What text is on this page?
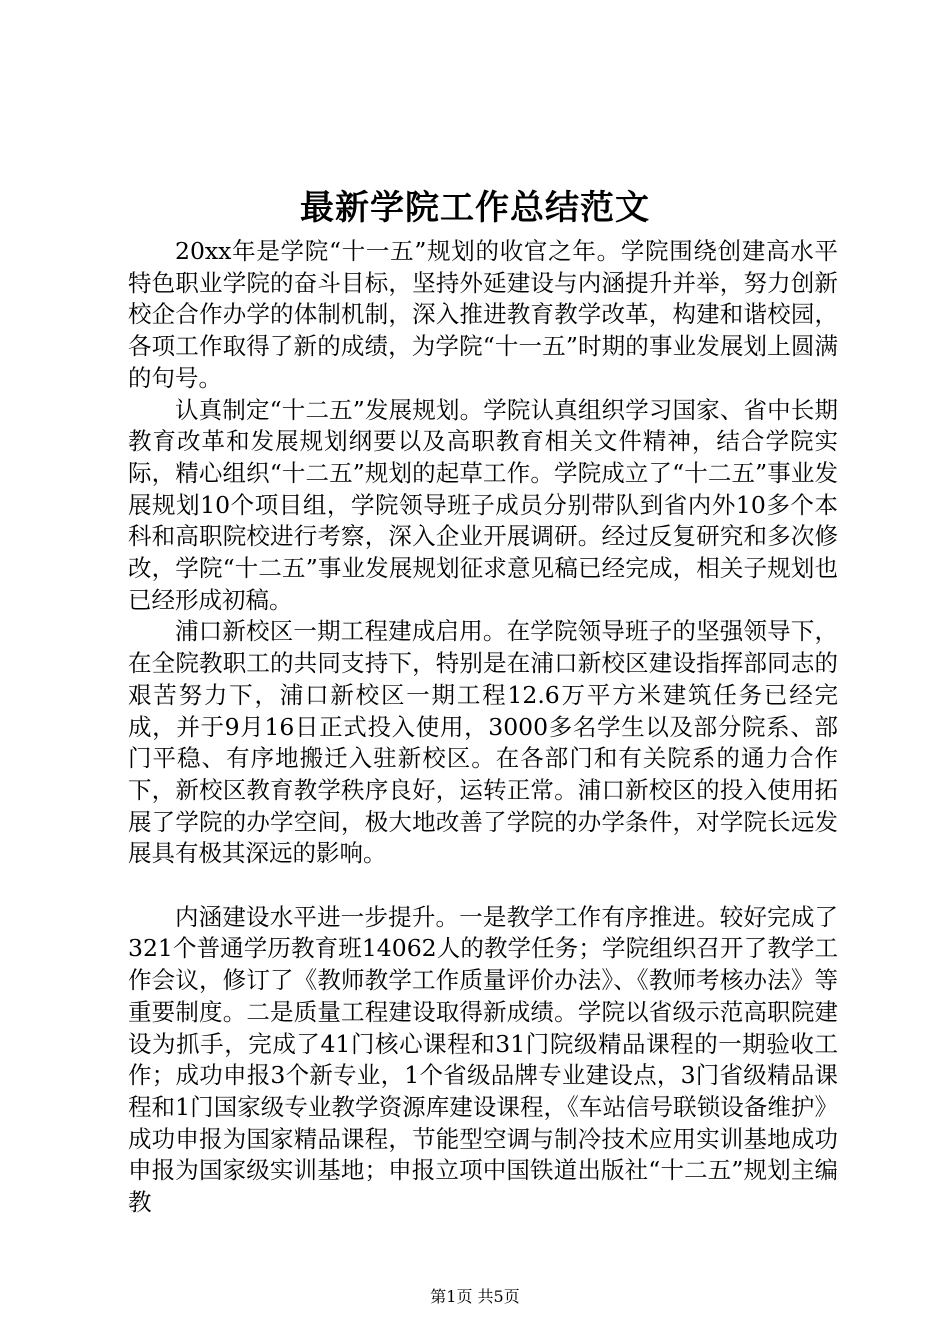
最新学院工作总结范文

20xx年是学院“十一五”规划的收官之年。学院围绕创建高水平特色职业学院的奋斗目标，坚持外延建设与内涵提升并举，努力创新校企合作办学的体制机制，深入推进教育教学改革，构建和谐校园，各项工作取得了新的成绩，为学院“十一五”时期的事业发展划上圆满的句号。

认真制定“十二五”发展规划。学院认真组织学习国家、省中长期教育改革和发展规划纲要以及高职教育相关文件精神，结合学院实际，精心组织“十二五”规划的起草工作。学院成立了“十二五”事业发展规划10个项目组，学院领导班子成员分别带队到省内外10多个本科和高职院校进行考察，深入企业开展调研。经过反复研究和多次修改，学院“十二五”事业发展规划征求意见稿已经完成，相关子规划也已经形成初稿。

浦口新校区一期工程建成启用。在学院领导班子的坚强领导下，在全院教职工的共同支持下，特别是在浦口新校区建设指挥部同志的艰苦努力下，浦口新校区一期工程12.6万平方米建筑任务已经完成，并于9月16日正式投入使用，3000多名学生以及部分院系、部门平稳、有序地搬迁入驻新校区。在各部门和有关院系的通力合作下，新校区教育教学秩序良好，运转正常。浦口新校区的投入使用拓展了学院的办学空间，极大地改善了学院的办学条件，对学院长远发展具有极其深远的影响。

内涵建设水平进一步提升。一是教学工作有序推进。较好完成了321个普通学历教育班14062人的教学任务；学院组织召开了教学工作会议，修订了《教师教学工作质量评价办法》、《教师考核办法》等重要制度。二是质量工程建设取得新成绩。学院以省级示范高职院建设为抓手，完成了41门核心课程和31门院级精品课程的一期验收工作；成功申报3个新专业，1个省级品牌专业建设点，3门省级精品课程和1门国家级专业教学资源库建设课程，《车站信号联锁设备维护》成功申报为国家精品课程，节能型空调与制冷技术应用实训基地成功申报为国家级实训基地；申报立项中国铁道出版社“十二五”规划主编教

第1页 共5页
